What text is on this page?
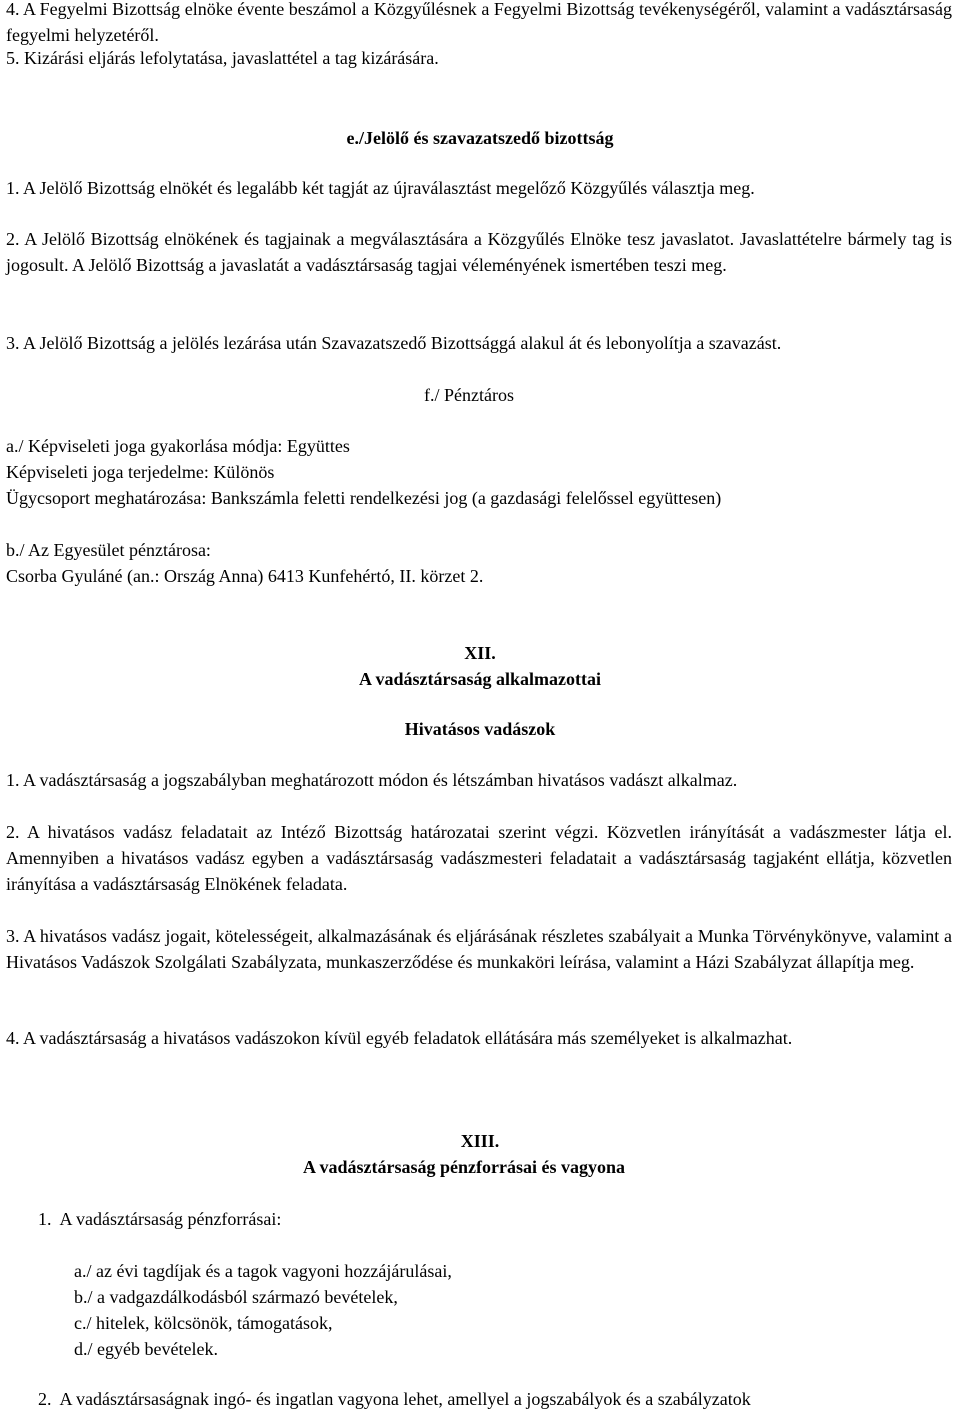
4. A Fegyelmi Bizottság elnöke évente beszámol a Közgyűlésnek a Fegyelmi Bizottság tevékenységéről, valamint a vadásztársaság fegyelmi helyzetéről.

5. Kizárási eljárás lefolytatása, javaslattétel a tag kizárására.

e./Jelölő és szavazatszedő bizottság

1. A Jelölő Bizottság elnökét és legalább két tagját az újraválasztást megelőző Közgyűlés választja meg.

2. A Jelölő Bizottság elnökének és tagjainak a megválasztására a Közgyűlés Elnöke tesz javaslatot. Javaslattételre bármely tag is jogosult. A Jelölő Bizottság a javaslatát a vadásztársaság tagjai véleményének ismertében teszi meg.

3. A Jelölő Bizottság a jelölés lezárása után Szavazatszedő Bizottsággá alakul át és lebonyolítja a szavazást.

f./ Pénztáros

a./ Képviseleti joga gyakorlása módja: Együttes

Képviseleti joga terjedelme: Különös

Ügycsoport meghatározása: Bankszámla feletti rendelkezési jog (a gazdasági felelőssel együttesen)

b./ Az Egyesület pénztárosa:

Csorba Gyuláné (an.: Ország Anna) 6413 Kunfehértó, II. körzet 2.

XII.

A vadásztársaság alkalmazottai

Hivatásos vadászok

1. A vadásztársaság a jogszabályban meghatározott módon és létszámban hivatásos vadászt alkalmaz.

2. A hivatásos vadász feladatait az Intéző Bizottság határozatai szerint végzi. Közvetlen irányítását a vadászmester látja el. Amennyiben a hivatásos vadász egyben a vadásztársaság vadászmesteri feladatait a vadásztársaság tagjaként ellátja, közvetlen irányítása a vadásztársaság Elnökének feladata.

3. A hivatásos vadász jogait, kötelességeit, alkalmazásának és eljárásának részletes szabályait a Munka Törvénykönyve, valamint a Hivatásos Vadászok Szolgálati Szabályzata, munkaszerződése és munkaköri leírása, valamint a Házi Szabályzat állapítja meg.

4. A vadásztársaság a hivatásos vadászokon kívül egyéb feladatok ellátására más személyeket is alkalmazhat.

XIII.

A vadásztársaság pénzforrásai és vagyona

1.  A vadásztársaság pénzforrásai:

a./ az évi tagdíjak és a tagok vagyoni hozzájárulásai,
b./ a vadgazdálkodásból származó bevételek,
c./ hitelek, kölcsönök, támogatások,
d./ egyéb bevételek.

2.  A vadásztársaságnak ingó- és ingatlan vagyona lehet, amellyel a jogszabályok és a szabályzatok
